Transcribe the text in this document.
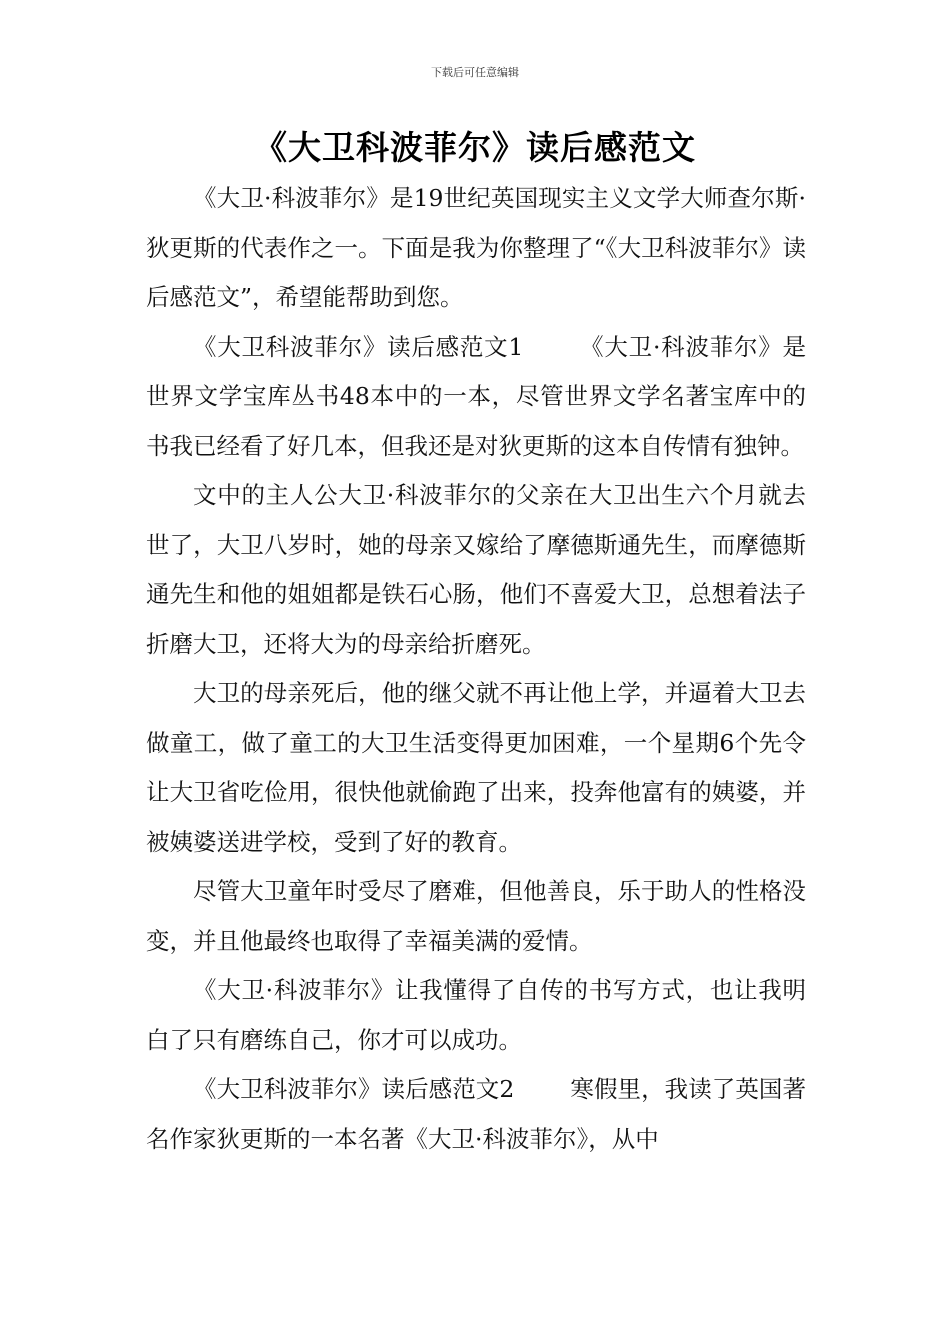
下载后可任意编辑
《大卫科波菲尔》读后感范文

《大卫·科波菲尔》是19世纪英国现实主义文学大师查尔斯·狄更斯的代表作之一。下面是我为你整理了“《大卫科波菲尔》读后感范文”，希望能帮助到您。

《大卫科波菲尔》读后感范文1 《大卫·科波菲尔》是世界文学宝库丛书48本中的一本，尽管世界文学名著宝库中的书我已经看了好几本，但我还是对狄更斯的这本自传情有独钟。

文中的主人公大卫·科波菲尔的父亲在大卫出生六个月就去世了，大卫八岁时，她的母亲又嫁给了摩德斯通先生，而摩德斯通先生和他的姐姐都是铁石心肠，他们不喜爱大卫，总想着法子折磨大卫，还将大为的母亲给折磨死。

大卫的母亲死后，他的继父就不再让他上学，并逼着大卫去做童工，做了童工的大卫生活变得更加困难，一个星期6个先令让大卫省吃俭用，很快他就偷跑了出来，投奔他富有的姨婆，并被姨婆送进学校，受到了好的教育。

尽管大卫童年时受尽了磨难，但他善良，乐于助人的性格没变，并且他最终也取得了幸福美满的爱情。

《大卫·科波菲尔》让我懂得了自传的书写方式，也让我明白了只有磨练自己，你才可以成功。

《大卫科波菲尔》读后感范文2 寒假里，我读了英国著名作家狄更斯的一本名著《大卫·科波菲尔》，从中
